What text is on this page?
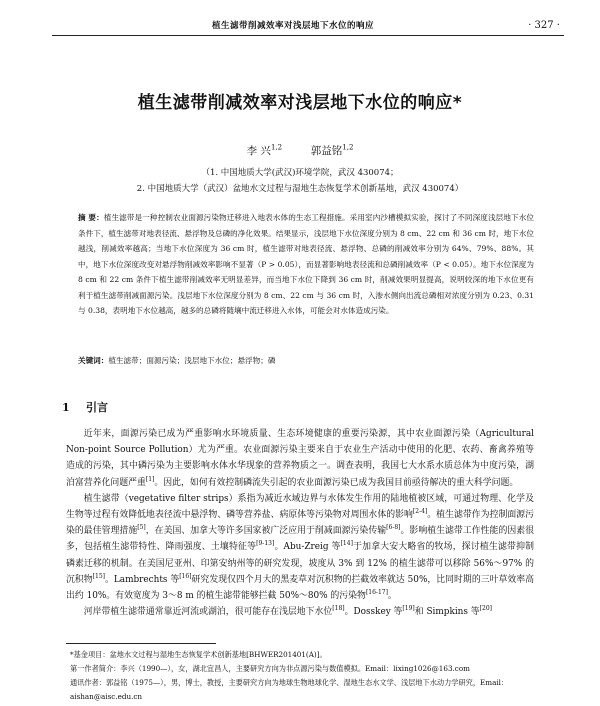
植生滤带削减效率对浅层地下水位的响应	· 327 ·
植生滤带削减效率对浅层地下水位的响应*
李 兴$^{1,2}$	郭益铭$^{1,2}$
（1. 中国地质大学(武汉)环境学院，武汉 430074；
2. 中国地质大学（武汉）盆地水文过程与湿地生态恢复学术创新基地，武汉 430074）
摘 要：植生滤带是一种控制农业面源污染物迁移进入地表水体的生态工程措施。采用室内沙槽模拟实验，探讨了不同深度浅层地下水位条件下，植生滤带对地表径流、悬浮物及总磷的净化效果。结果显示，浅层地下水位深度分别为 8 cm、22 cm 和 36 cm 时，地下水位越浅，削减效率越高；当地下水位深度为 36 cm 时，植生滤带对地表径流、悬浮物、总磷的削减效率分别为 64%、79%、88%。其中，地下水位深度改变对悬浮物削减效率影响不显著（P > 0.05），而显著影响地表径流和总磷削减效率（P < 0.05）。地下水位深度为 8 cm 和 22 cm 条件下植生滤带削减效率无明显差异，而当地下水位下降到 36 cm 时，削减效果明显提高，说明较深的地下水位更有利于植生滤带削减面源污染。浅层地下水位深度分别为 8 cm、22 cm 与 36 cm 时，入渗水侧向出流总磷相对浓度分别为 0.23、0.31 与 0.38，表明地下水位越高，越多的总磷将随壤中流迁移进入水体，可能会对水体造成污染。
关键词：植生滤带；面源污染；浅层地下水位；悬浮物；磷
1 引言

近年来，面源污染已成为严重影响水环境质量、生态环境健康的重要污染源，其中农业面源污染（Agricultural Non-point Source Pollution）尤为严重。农业面源污染主要来自于农业生产活动中使用的化肥、农药、畜禽养殖等造成的污染，其中磷污染为主要影响水体水华现象的营养物质之一。调查表明，我国七大水系水质总体为中度污染，湖泊富营养化问题严重[1]。因此，如何有效控制磷流失引起的农业面源污染已成为我国目前亟待解决的重大科学问题。

植生滤带（vegetative filter strips）系指为减近水域边界与水体发生作用的陆地植被区域，可通过物理、化学及生物等过程有效降低地表径流中悬浮物、磷等营养盐、病原体等污染物对周围水体的影响[2-4]。植生滤带作为控制面源污染的最佳管理措施[5]，在美国、加拿大等许多国家被广泛应用于削减面源污染传输[6-8]。影响植生滤带工作性能的因素很多，包括植生滤带特性、降雨强度、土壤特征等[9-13]。Abu-Zreig 等[14]于加拿大安大略省的牧场，探讨植生滤带抑制磷素迁移的机制。在美国尼亚州、印第安纳州等的研究发现，坡度从 3% 到 12% 的植生滤带可以移除 56%～97% 的沉积物[15]。Lambrechts 等[16]研究发现仅四个月大的黑麦草对沉积物的拦截效率就达 50%，比同时期的三叶草效率高出约 10%。有效宽度为 3～8 m 的植生滤带能够拦截 50%～80% 的污染物[16-17]。

河岸带植生滤带通常靠近河流或湖泊，很可能存在浅层地下水位[18]。Dosskey 等[19]和 Simpkins 等[20]

*基金项目：盆地水文过程与湿地生态恢复学术创新基地[BHWER201401(A)]。
第一作者简介：李兴（1990—），女，湖北宜昌人，主要研究方向为非点源污染与数值模拟。Email：lixing1026@163.com
通讯作者：郭益铭（1975—），男，博士，教授，主要研究方向为地球生物地球化学、湿地生态水文学、浅层地下水动力学研究，Email：
aishan@aisc.edu.cn
